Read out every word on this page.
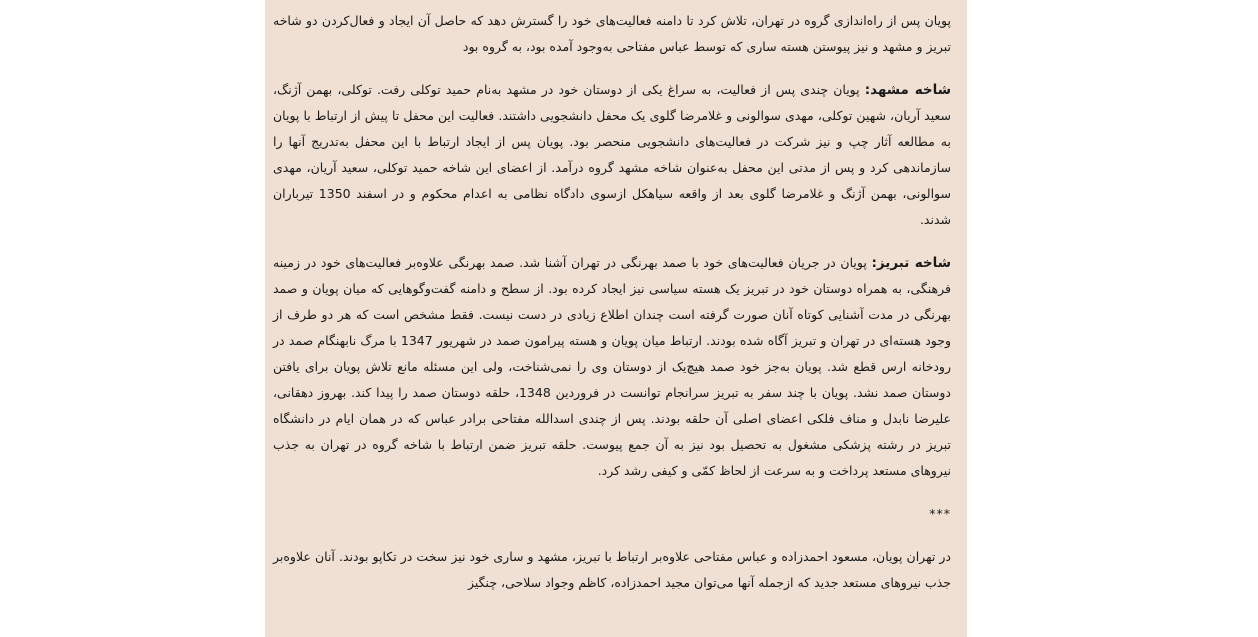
پویان پس از راه‌اندازی گروه در تهران، تلاش کرد تا دامنه فعالیت‌های خود را گسترش دهد که حاصل آن ایجاد و فعال‌کردن دو شاخه تبریز و مشهد و نیز پیوستن هسته ساری که توسط عباس مفتاحی به‌وجود آمده بود، به گروه بود

شاخه مشهد: پویان چندی پس از فعالیت، به سراغ یکی از دوستان خود در مشهد به‌نام حمید توکلی رفت. توکلی، بهمن آژنگ، سعید آریان، شهین توکلی، مهدی سوالونی و غلامرضا گلوی یک محفل دانشجویی داشتند. فعالیت این محفل تا پیش از ارتباط با پویان به مطالعه آثار چپ و نیز شرکت در فعالیت‌های دانشجویی منحصر بود. پویان پس از ایجاد ارتباط با این محفل به‌تدریج آنها را سازماندهی کرد و پس از مدتی این محفل به‌عنوان شاخه مشهد گروه درآمد. از اعضای این شاخه حمید توکلی، سعید آریان، مهدی سوالونی، بهمن آژنگ و غلامرضا گلوی بعد از واقعه سیاهکل ازسوی دادگاه نظامی به اعدام محکوم و در اسفند 1350 تیرباران شدند.

شاخه تبریز: پویان در جریان فعالیت‌های خود با صمد بهرنگی در تهران آشنا شد. صمد بهرنگی علاوه‌بر فعالیت‌های خود در زمینه فرهنگی، به همراه دوستان خود در تبریز یک هسته سیاسی نیز ایجاد کرده بود. از سطح و دامنه گفت‌وگوهایی که میان پویان و صمد بهرنگی در مدت آشنایی کوتاه آنان صورت گرفته است چندان اطلاع زیادی در دست نیست. فقط مشخص است که هر دو طرف از وجود هسته‌ای در تهران و تبریز آگاه شده بودند. ارتباط میان پویان و هسته پیرامون صمد در شهریور 1347 با مرگ نابهنگام صمد در رودخانه ارس قطع شد. پویان به‌جز خود صمد هیچ‌یک از دوستان وی را نمی‌شناخت، ولی این مسئله مانع تلاش پویان برای یافتن دوستان صمد نشد. پویان با چند سفر به تبریز سرانجام توانست در فروردین 1348، حلقه دوستان صمد را پیدا کند. بهروز دهقانی، علیرضا نابدل و مناف فلکی اعضای اصلی آن حلقه بودند. پس از چندی اسدالله مفتاحی برادر عباس که در همان ایام در دانشگاه تبریز در رشته پزشکی مشغول به تحصیل بود نیز به آن جمع پیوست. حلقه تبریز ضمن ارتباط با شاخه گروه در تهران به جذب نیروهای مستعد پرداخت و به سرعت از لحاظ کمّی و کیفی رشد کرد.

***

در تهران پویان، مسعود احمدزاده و عباس مفتاحی علاوه‌بر ارتباط با تبریز، مشهد و ساری خود نیز سخت در تکاپو بودند. آنان علاوه‌بر جذب نیروهای مستعد جدید که ازجمله آنها می‌توان مجید احمدزاده، کاظم وجواد سلاحی، چنگیز
